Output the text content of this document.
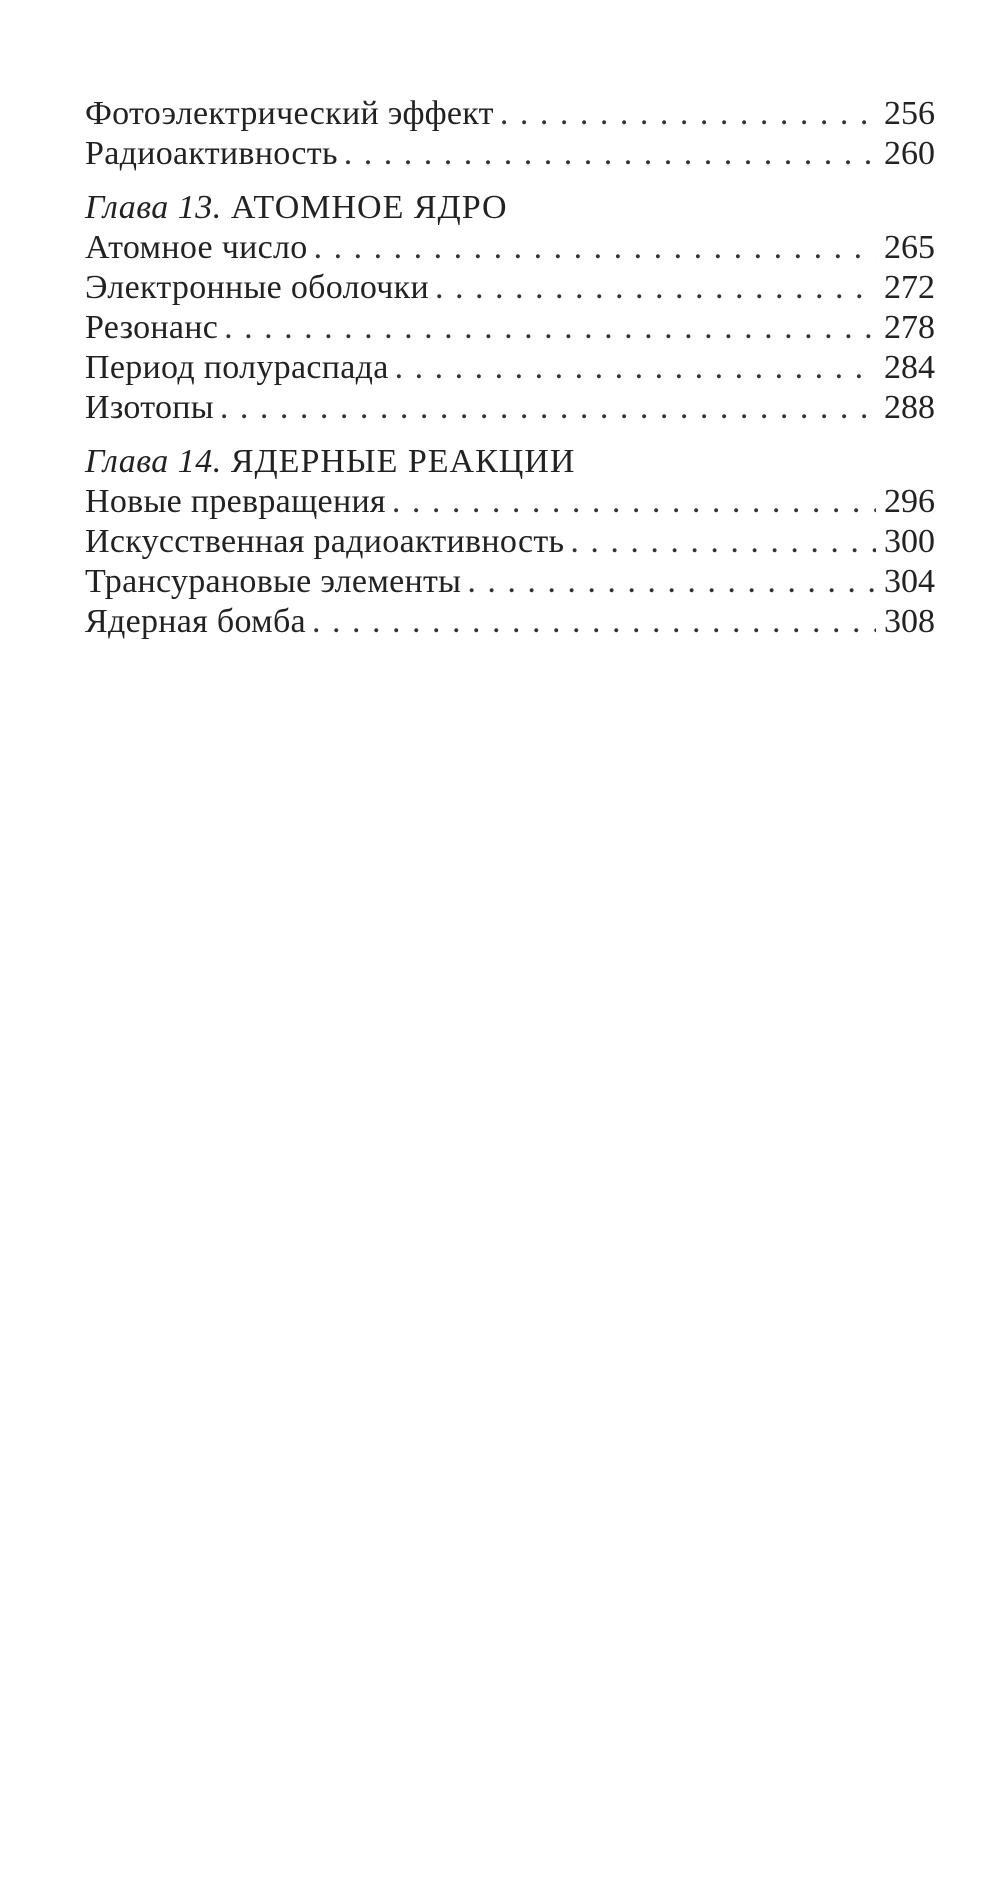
Фотоэлектрический эффект . . .	256
Радиоактивность . . .	260
Глава 13. АТОМНОЕ ЯДРО
Атомное число . . .	265
Электронные оболочки . . .	272
Резонанс . . .	278
Период полураспада . . .	284
Изотопы . . .	288
Глава 14. ЯДЕРНЫЕ РЕАКЦИИ
Новые превращения . . .	296
Искусственная радиоактивность . . .	300
Трансурановые элементы . . .	304
Ядерная бомба . . .	308
